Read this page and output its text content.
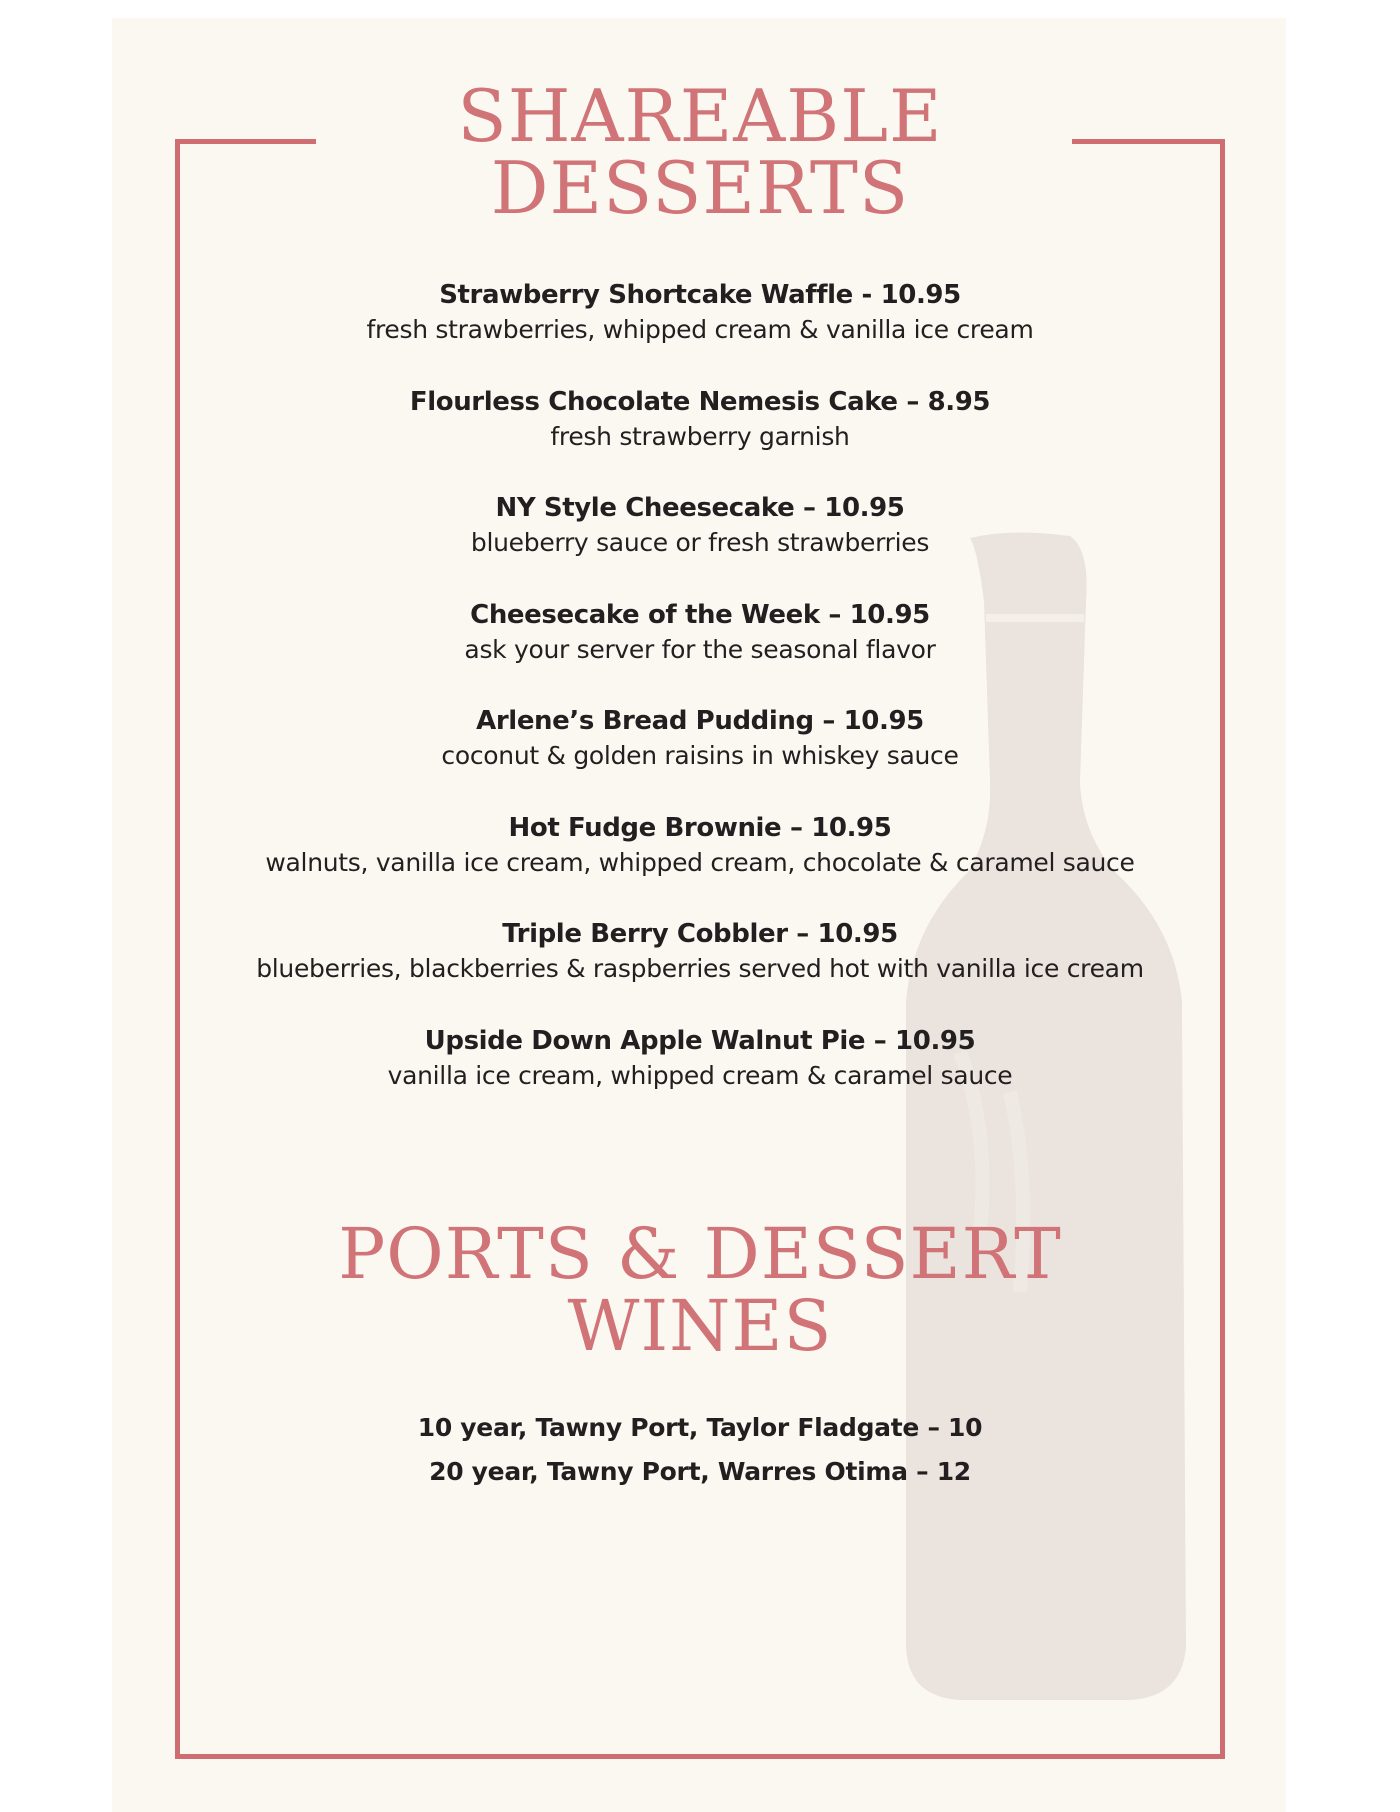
SHAREABLE
DESSERTS
Strawberry Shortcake Waffle - 10.95
fresh strawberries, whipped cream & vanilla ice cream
Flourless Chocolate Nemesis Cake – 8.95
fresh strawberry garnish
NY Style Cheesecake – 10.95
blueberry sauce or fresh strawberries
Cheesecake of the Week – 10.95
ask your server for the seasonal flavor
Arlene’s Bread Pudding – 10.95
coconut & golden raisins in whiskey sauce
Hot Fudge Brownie – 10.95
walnuts, vanilla ice cream, whipped cream, chocolate & caramel sauce
Triple Berry Cobbler – 10.95
blueberries, blackberries & raspberries served hot with vanilla ice cream
Upside Down Apple Walnut Pie – 10.95
vanilla ice cream, whipped cream & caramel sauce
PORTS & DESSERT
WINES
10 year, Tawny Port, Taylor Fladgate – 10
20 year, Tawny Port, Warres Otima – 12
